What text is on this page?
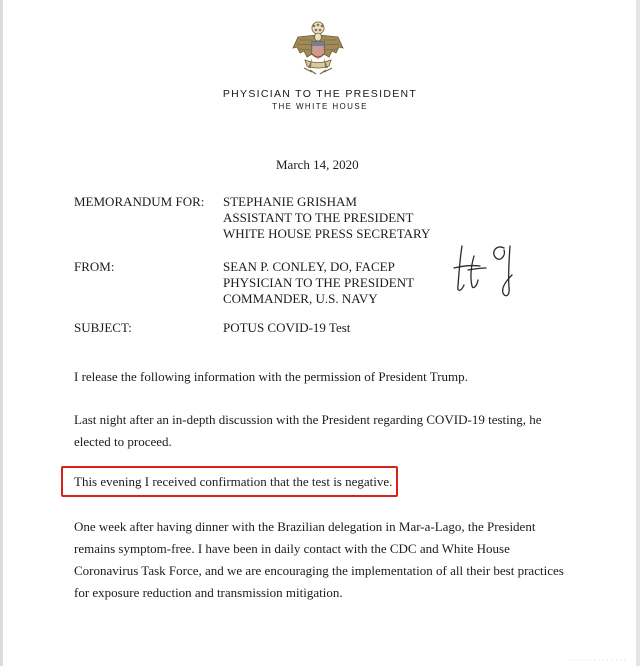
PHYSICIAN TO THE PRESIDENT
THE WHITE HOUSE
March 14, 2020
MEMORANDUM FOR: STEPHANIE GRISHAM
ASSISTANT TO THE PRESIDENT
WHITE HOUSE PRESS SECRETARY
FROM:	SEAN P. CONLEY, DO, FACEP
PHYSICIAN TO THE PRESIDENT
COMMANDER, U.S. NAVY
SUBJECT:	POTUS COVID-19 Test
I release the following information with the permission of President Trump.
Last night after an in-depth discussion with the President regarding COVID-19 testing, he elected to proceed.
This evening I received confirmation that the test is negative.
One week after having dinner with the Brazilian delegation in Mar-a-Lago, the President remains symptom-free. I have been in daily contact with the CDC and White House Coronavirus Task Force, and we are encouraging the implementation of all their best practices for exposure reduction and transmission mitigation.
· · · · · · · · · · · · · ·
